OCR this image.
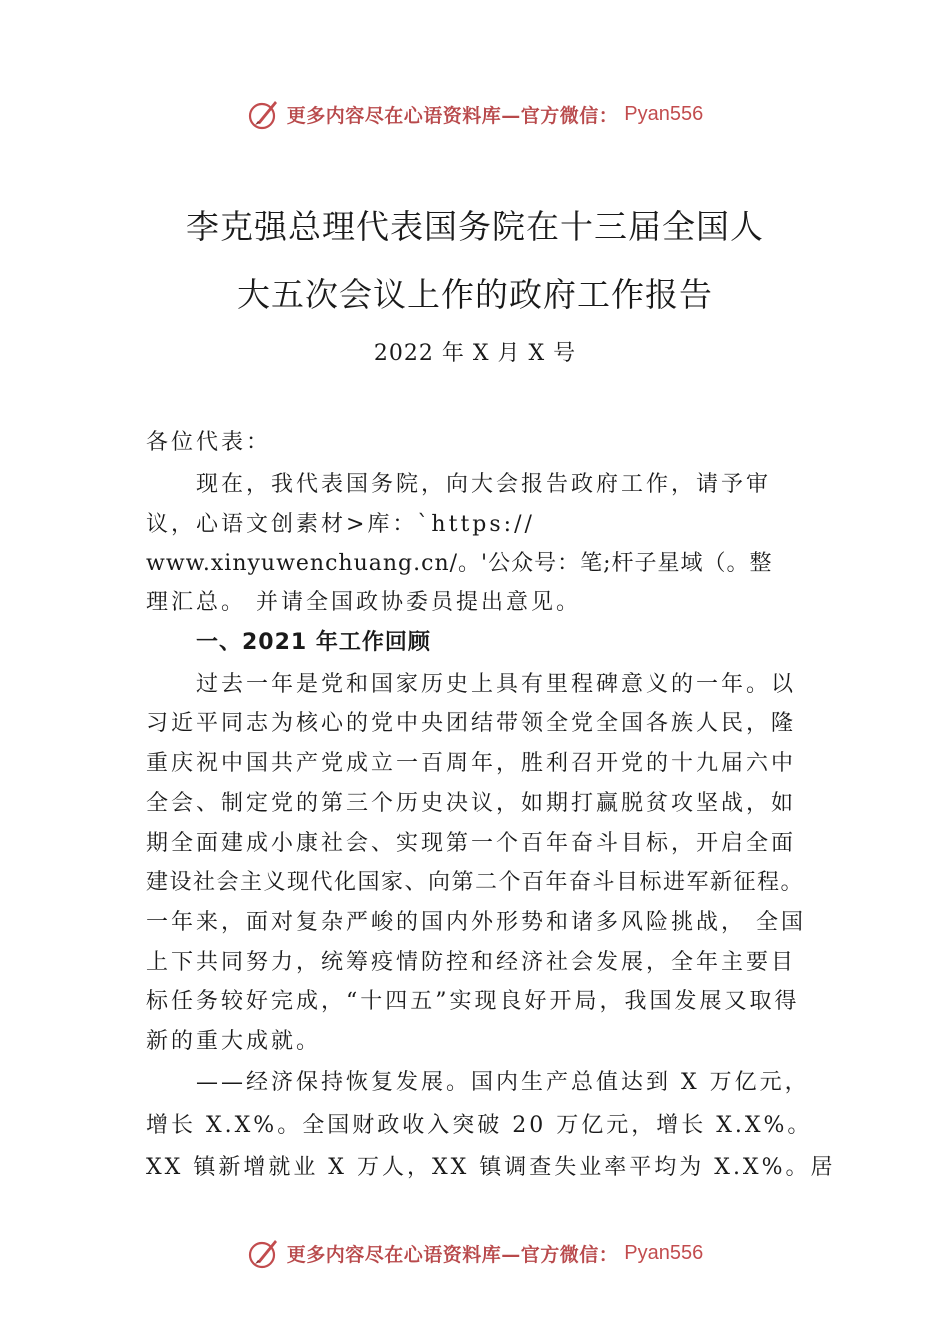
更多内容尽在心语资料库—官方微信： Pyan556
李克强总理代表国务院在十三届全国人
大五次会议上作的政府工作报告
2022 年 X 月 X 号
各位代表：
现在，我代表国务院，向大会报告政府工作，请予审
议，心语文创素材>库：`https://
www.xinyuwenchuang.cn/。'公众号：笔;杆子星域（。整
理汇总。 并请全国政协委员提出意见。
一、2021 年工作回顾
过去一年是党和国家历史上具有里程碑意义的一年。以
习近平同志为核心的党中央团结带领全党全国各族人民，隆
重庆祝中国共产党成立一百周年，胜利召开党的十九届六中
全会、制定党的第三个历史决议，如期打赢脱贫攻坚战，如
期全面建成小康社会、实现第一个百年奋斗目标，开启全面
建设社会主义现代化国家、向第二个百年奋斗目标进军新征程。
一年来，面对复杂严峻的国内外形势和诸多风险挑战， 全国
上下共同努力，统筹疫情防控和经济社会发展，全年主要目
标任务较好完成，“十四五”实现良好开局，我国发展又取得
新的重大成就。
——经济保持恢复发展。国内生产总值达到 X 万亿元，
增长 X.X%。全国财政收入突破 20 万亿元，增长 X.X%。
XX 镇新增就业 X 万人，XX 镇调查失业率平均为 X.X%。居
更多内容尽在心语资料库—官方微信： Pyan556
